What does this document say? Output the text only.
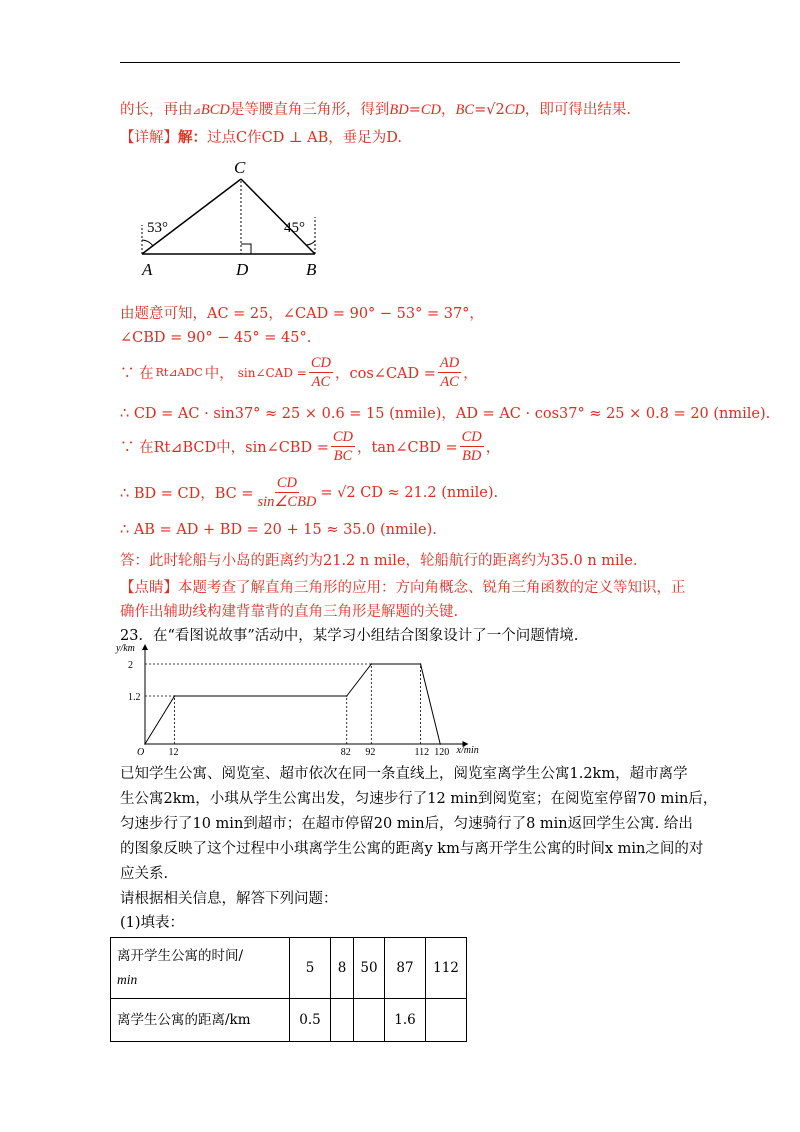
的长，再由⊿BCD是等腰直角三角形，得到BD=CD，BC=√2CD，即可得出结果.
【详解】解：过点C作CD ⊥ AB，垂足为D.
A	D	B
C
53°	45°
由题意可知，AC = 25，∠CAD = 90° − 53° = 37°，
∠CBD = 90° − 45° = 45°.
∵ 在 Rt⊿ADC 中， sin∠CAD = $\frac{CD}{AC}$ ，cos∠CAD = $\frac{AD}{AC}$ ，
∴ CD = AC · sin37° ≈ 25 × 0.6 = 15 (nmile)，AD = AC · cos37° ≈ 25 × 0.8 = 20 (nmile).
∵ 在Rt⊿BCD中，sin∠CBD = $\frac{CD}{BC}$ ，tan∠CBD = $\frac{CD}{BD}$ ，
∴ BD = CD，BC = $\frac{CD}{\text{sin∠CBD}} = √2$ CD ≈ 21.2 (nmile).
∴ AB = AD + BD = 20 + 15 ≈ 35.0 (nmile).
答：此时轮船与小岛的距离约为21.2 n mile，轮船航行的距离约为35.0 n mile.
【点睛】本题考查了解直角三角形的应用：方向角概念、锐角三角函数的定义等知识，正
确作出辅助线构建背靠背的直角三角形是解题的关键.
23．在“看图说故事”活动中，某学习小组结合图象设计了一个问题情境.
y/km
x/min
1.2
2
O 12	82 92	112 120
已知学生公寓、阅览室、超市依次在同一条直线上，阅览室离学生公寓1.2km，超市离学
生公寓2km，小琪从学生公寓出发，匀速步行了12 min到阅览室；在阅览室停留70 min后，
匀速步行了10 min到超市；在超市停留20 min后，匀速骑行了8 min返回学生公寓. 给出
的图象反映了这个过程中小琪离学生公寓的距离y km与离开学生公寓的时间x min之间的对
应关系.
请根据相关信息，解答下列问题：
(1)填表：
离开学生公寓的时间/
min	5	8	50	87	112
离学生公寓的距离/km	0.5			1.6	
